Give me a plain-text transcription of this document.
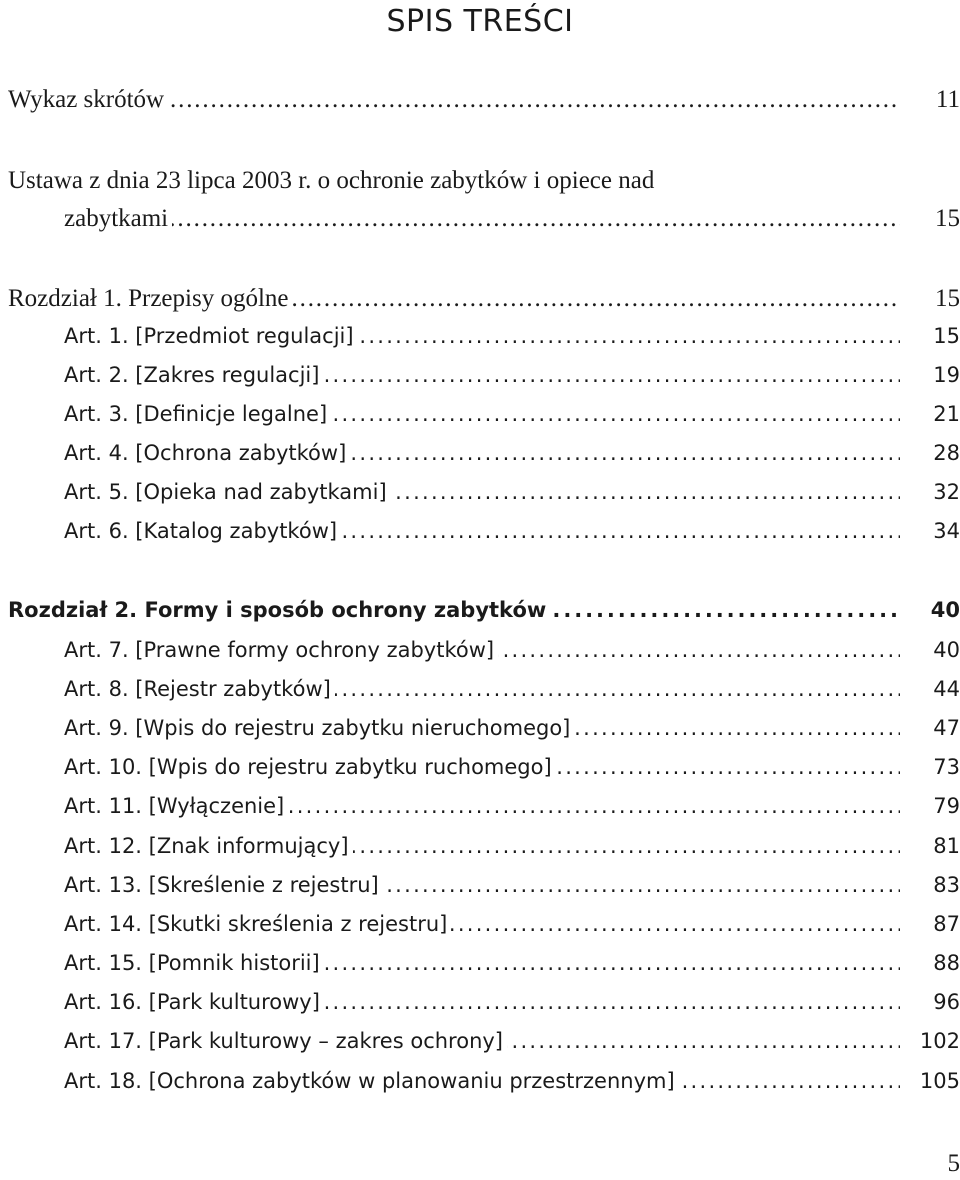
SPIS TREŚCI
Wykaz skrótów . . .	11
Ustawa z dnia 23 lipca 2003 r. o ochronie zabytków i opiece nad
zabytkami . . .	15
Rozdział 1. Przepisy ogólne . . .	15
Art. 1. [Przedmiot regulacji] . . .	15
Art. 2. [Zakres regulacji] . . .	19
Art. 3. [Definicje legalne] . . .	21
Art. 4. [Ochrona zabytków] . . .	28
Art. 5. [Opieka nad zabytkami] . . .	32
Art. 6. [Katalog zabytków] . . .	34
Rozdział 2. Formy i sposób ochrony zabytków . . .	40
Art. 7. [Prawne formy ochrony zabytków] . . .	40
Art. 8. [Rejestr zabytków] . . .	44
Art. 9. [Wpis do rejestru zabytku nieruchomego] . . .	47
Art. 10. [Wpis do rejestru zabytku ruchomego] . . .	73
Art. 11. [Wyłączenie] . . .	79
Art. 12. [Znak informujący] . . .	81
Art. 13. [Skreślenie z rejestru] . . .	83
Art. 14. [Skutki skreślenia z rejestru] . . .	87
Art. 15. [Pomnik historii] . . .	88
Art. 16. [Park kulturowy] . . .	96
Art. 17. [Park kulturowy – zakres ochrony] . . .	102
Art. 18. [Ochrona zabytków w planowaniu przestrzennym] . . .	105
5
